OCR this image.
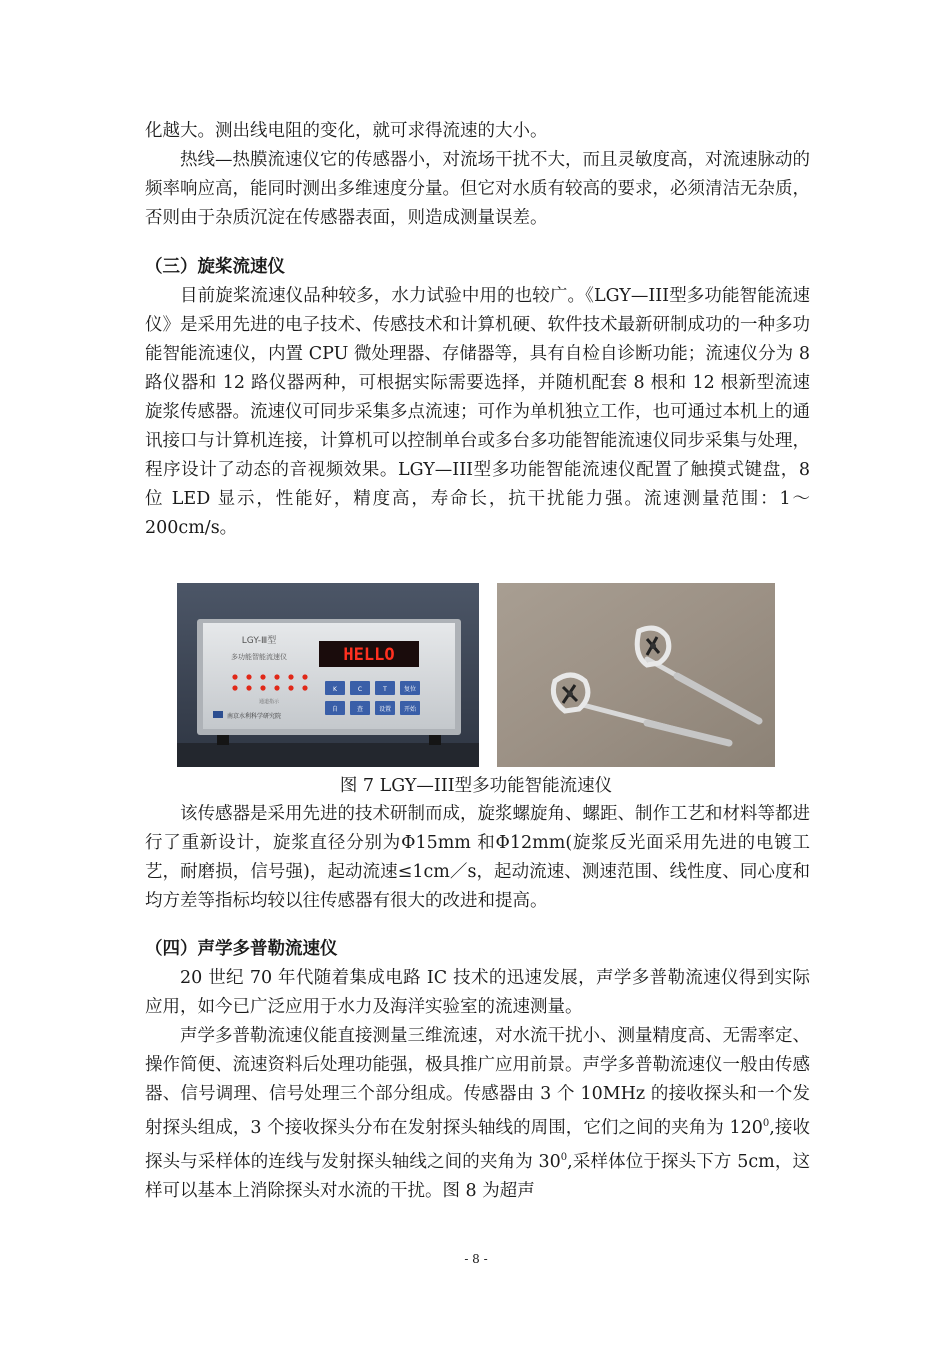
化越大。测出线电阻的变化，就可求得流速的大小。

热线—热膜流速仪它的传感器小，对流场干扰不大，而且灵敏度高，对流速脉动的频率响应高，能同时测出多维速度分量。但它对水质有较高的要求，必须清洁无杂质，否则由于杂质沉淀在传感器表面，则造成测量误差。

（三）旋桨流速仪

目前旋桨流速仪品种较多，水力试验中用的也较广。《LGY—III型多功能智能流速仪》是采用先进的电子技术、传感技术和计算机硬、软件技术最新研制成功的一种多功能智能流速仪，内置 CPU 微处理器、存储器等，具有自检自诊断功能；流速仪分为 8 路仪器和 12 路仪器两种，可根据实际需要选择，并随机配套 8 根和 12 根新型流速旋浆传感器。流速仪可同步采集多点流速；可作为单机独立工作，也可通过本机上的通讯接口与计算机连接，计算机可以控制单台或多台多功能智能流速仪同步采集与处理，程序设计了动态的音视频效果。LGY—III型多功能智能流速仪配置了触摸式键盘，8 位 LED 显示，性能好，精度高，寿命长，抗干扰能力强。流速测量范围：1～200cm/s。

LGY-Ⅲ型
多功能智能流速仪	HELLO
通道指示
K	C	T	复位
自	查	设置 开始
南京水利科学研究院
图 7 LGY—III型多功能智能流速仪

该传感器是采用先进的技术研制而成，旋浆螺旋角、螺距、制作工艺和材料等都进行了重新设计，旋浆直径分别为Φ15mm 和Φ12mm(旋浆反光面采用先进的电镀工艺，耐磨损，信号强)，起动流速≤1cm／s，起动流速、测速范围、线性度、同心度和均方差等指标均较以往传感器有很大的改进和提高。

（四）声学多普勒流速仪

20 世纪 70 年代随着集成电路 IC 技术的迅速发展，声学多普勒流速仪得到实际应用，如今已广泛应用于水力及海洋实验室的流速测量。

声学多普勒流速仪能直接测量三维流速，对水流干扰小、测量精度高、无需率定、操作简便、流速资料后处理功能强，极具推广应用前景。声学多普勒流速仪一般由传感器、信号调理、信号处理三个部分组成。传感器由 3 个 10MHz 的接收探头和一个发射探头组成，3 个接收探头分布在发射探头轴线的周围，它们之间的夹角为 $120^0$,接收探头与采样体的连线与发射探头轴线之间的夹角为 $30^0$,采样体位于探头下方 5cm，这样可以基本上消除探头对水流的干扰。图 8 为超声

- 8 -
